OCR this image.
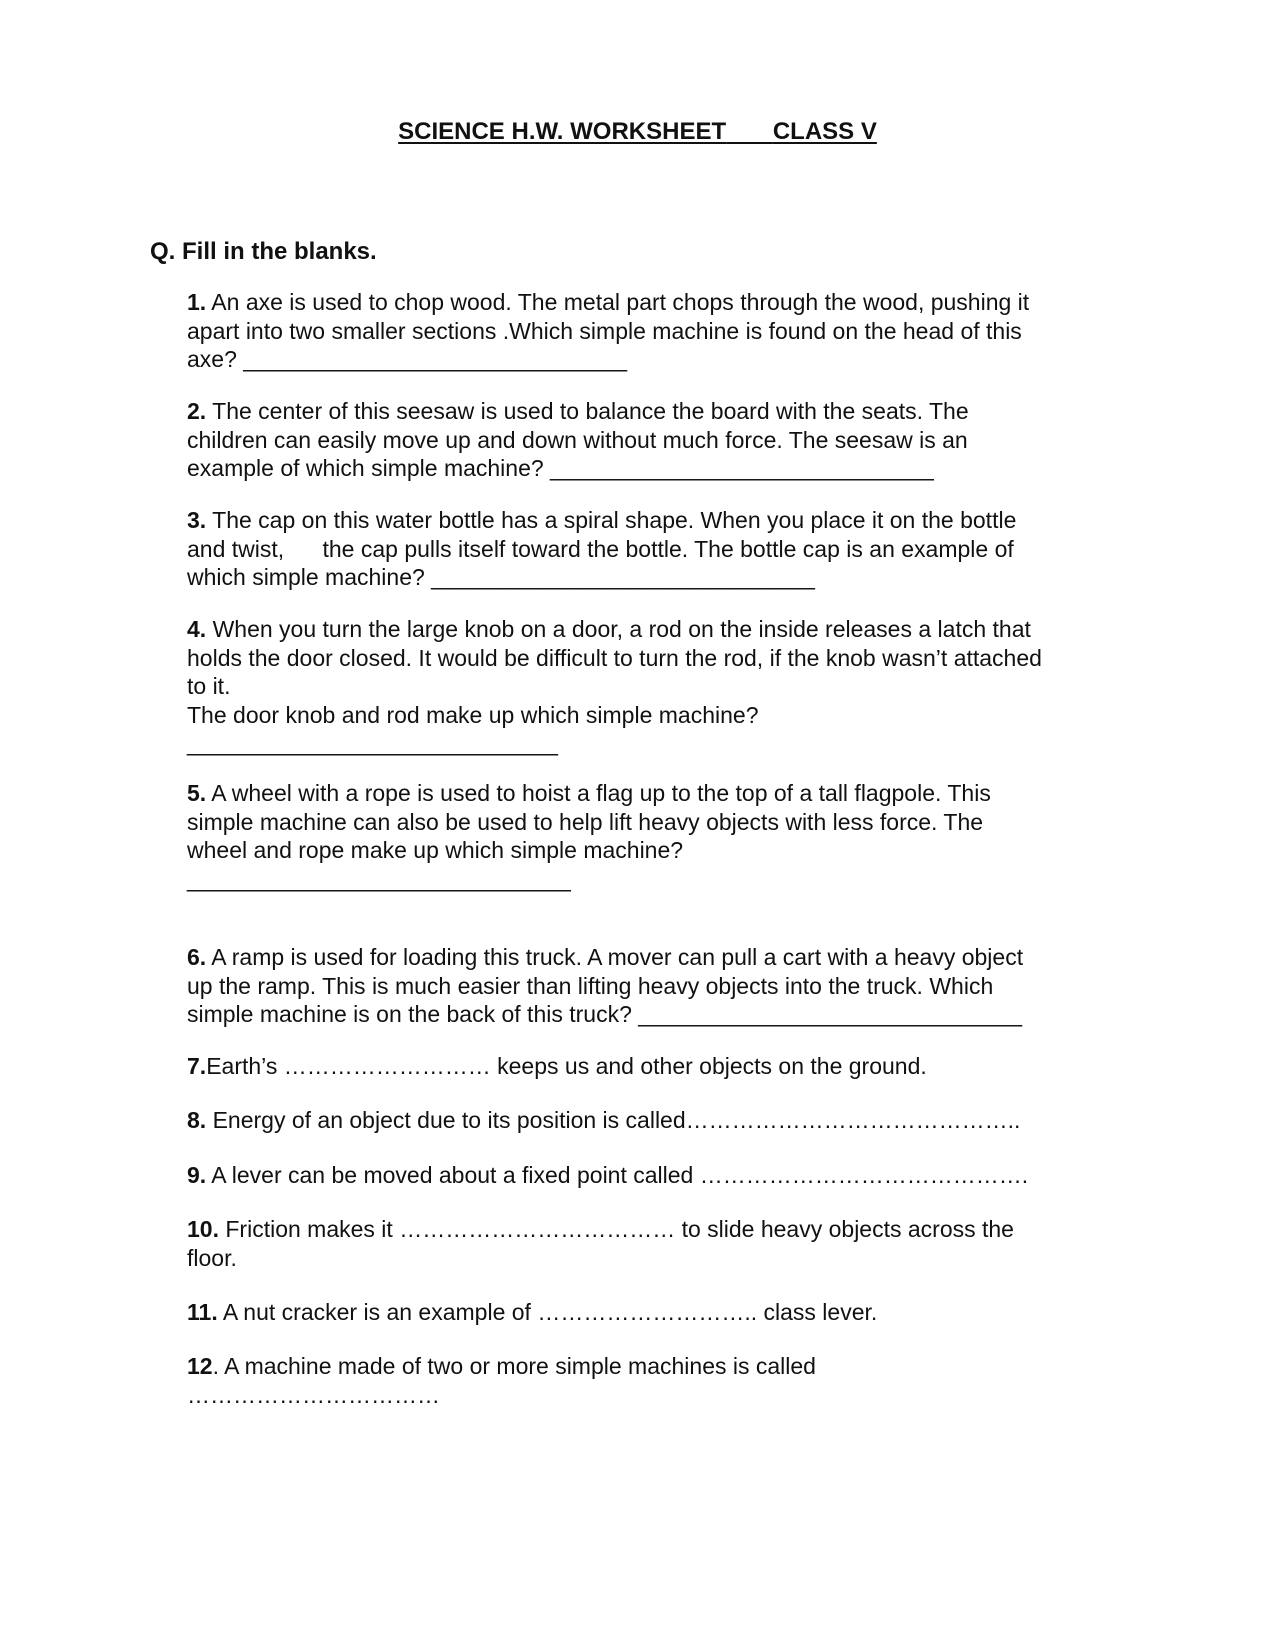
SCIENCE H.W. WORKSHEET CLASS V
Q. Fill in the blanks.
1. An axe is used to chop wood. The metal part chops through the wood, pushing it
apart into two smaller sections .Which simple machine is found on the head of this
axe? ______________________________
2. The center of this seesaw is used to balance the board with the seats. The
children can easily move up and down without much force. The seesaw is an
example of which simple machine? ______________________________
3. The cap on this water bottle has a spiral shape. When you place it on the bottle
and twist,      the cap pulls itself toward the bottle. The bottle cap is an example of
which simple machine? ______________________________
4. When you turn the large knob on a door, a rod on the inside releases a latch that
holds the door closed. It would be difficult to turn the rod, if the knob wasn’t attached
to it.
The door knob and rod make up which simple machine?
_____________________________
5. A wheel with a rope is used to hoist a flag up to the top of a tall flagpole. This
simple machine can also be used to help lift heavy objects with less force. The
wheel and rope make up which simple machine?
______________________________
6. A ramp is used for loading this truck. A mover can pull a cart with a heavy object
up the ramp. This is much easier than lifting heavy objects into the truck. Which
simple machine is on the back of this truck? ______________________________
7.Earth’s ……………………… keeps us and other objects on the ground.
8. Energy of an object due to its position is called……………………………………..
9. A lever can be moved about a fixed point called …………………………………….
10. Friction makes it ……………………………… to slide heavy objects across the
floor.
11. A nut cracker is an example of ……………………….. class lever.
12. A machine made of two or more simple machines is called
……………………………
